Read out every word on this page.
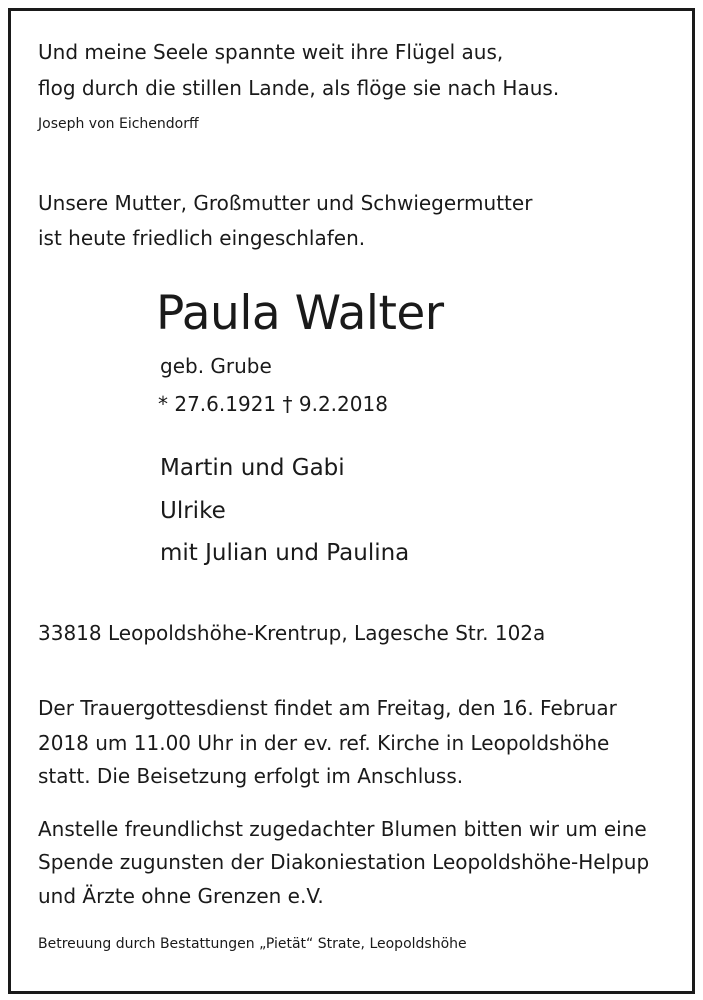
Und meine Seele spannte weit ihre Flügel aus,

flog durch die stillen Lande, als flöge sie nach Haus.

Joseph von Eichendorff

Unsere Mutter, Großmutter und Schwiegermutter

ist heute friedlich eingeschlafen.

Paula Walter

geb. Grube

* 27.6.1921 † 9.2.2018

Martin und Gabi

Ulrike

mit Julian und Paulina

33818 Leopoldshöhe-Krentrup, Lagesche Str. 102a

Der Trauergottesdienst findet am Freitag, den 16. Februar

2018 um 11.00 Uhr in der ev. ref. Kirche in Leopoldshöhe

statt. Die Beisetzung erfolgt im Anschluss.

Anstelle freundlichst zugedachter Blumen bitten wir um eine

Spende zugunsten der Diakoniestation Leopoldshöhe-Helpup

und Ärzte ohne Grenzen e.V.

Betreuung durch Bestattungen „Pietät“ Strate, Leopoldshöhe
